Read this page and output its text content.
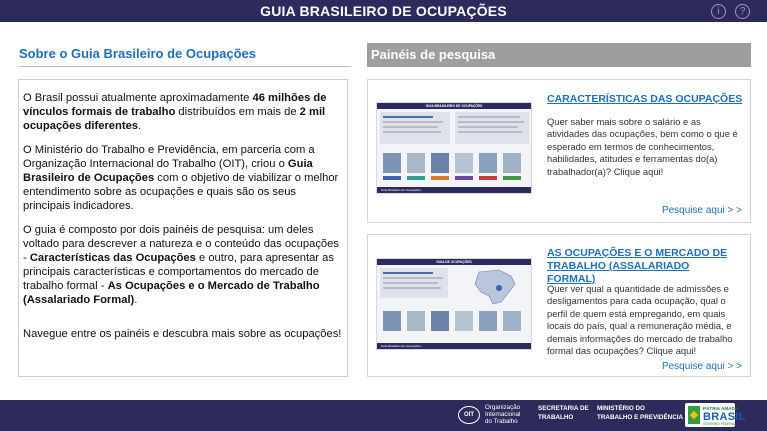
GUIA BRASILEIRO DE OCUPAÇÕES	i	?
Sobre o Guia Brasileiro de Ocupações

O Brasil possui atualmente aproximadamente 46 milhões de vínculos formais de trabalho distribuídos em mais de 2 mil ocupações diferentes.

O Ministério do Trabalho e Previdência, em parceria com a Organização Internacional do Trabalho (OIT), criou o Guia Brasileiro de Ocupações com o objetivo de viabilizar o melhor entendimento sobre as ocupações e quais são os seus principais indicadores.

O guia é composto por dois painéis de pesquisa: um deles voltado para descrever a natureza e o conteúdo das ocupações - Características das Ocupações e outro, para apresentar as principais características e comportamentos do mercado de trabalho formal - As Ocupações e o Mercado de Trabalho (Assalariado Formal).

Navegue entre os painéis e descubra mais sobre as ocupações!

Painéis de pesquisa
GUIA BRASILEIRO DE OCUPAÇÕES
Guia Brasileiro de Ocupações
CARACTERÍSTICAS DAS OCUPAÇÕES
Quer saber mais sobre o salário e as atividades das ocupações, bem como o que é esperado em termos de conhecimentos, habilidades, atitudes e ferramentas do(a) trabalhador(a)? Clique aqui!
Pesquise aqui > >
GUIA DE OCUPAÇÕES
Guia Brasileiro de Ocupações
AS OCUPAÇÕES E O MERCADO DE TRABALHO (ASSALARIADO FORMAL)
Quer ver qual a quantidade de admissões e desligamentos para cada ocupação, qual o perfil de quem está empregando, em quais locais do país, qual a remuneração média, e demais informações do mercado de trabalho formal das ocupações? Clique aqui!
Pesquise aqui > >
OIT
Organização
Internacional
do Trabalho
SECRETARIA DE
TRABALHO
MINISTÉRIO DO
TRABALHO E PREVIDÊNCIA
PÁTRIA AMADA
BRASIL
GOVERNO FEDERAL
